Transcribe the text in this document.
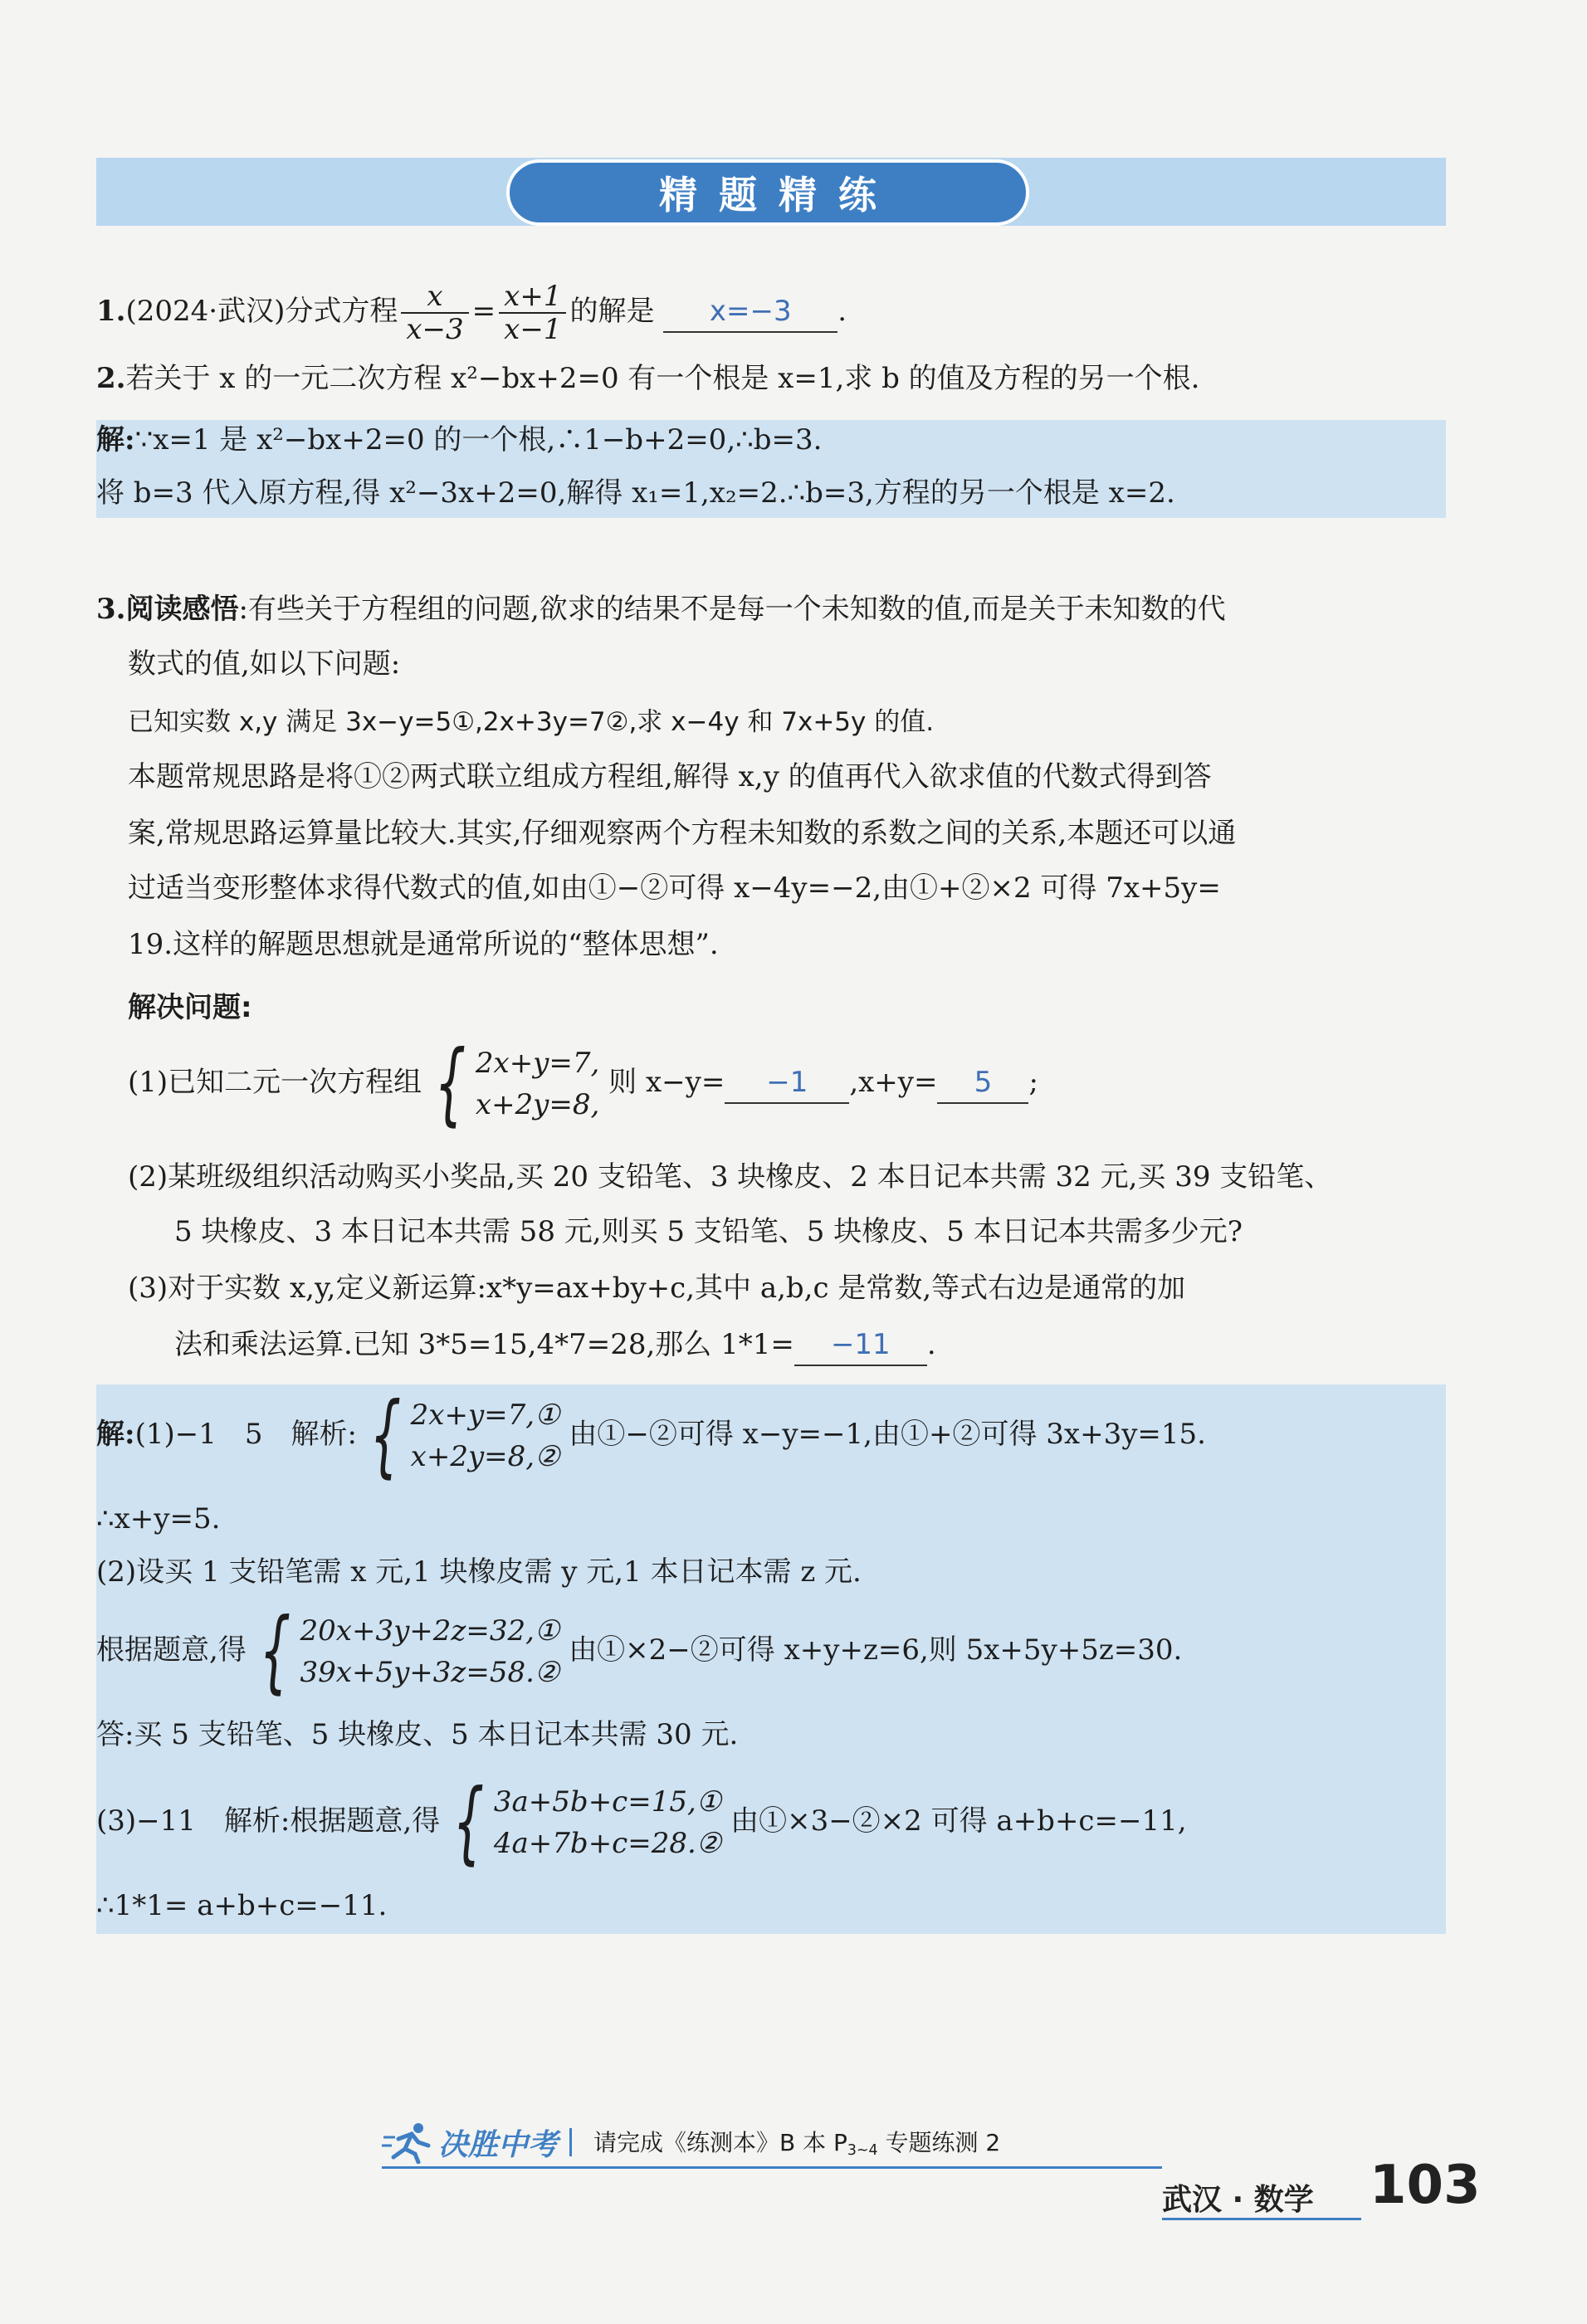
精题精练
1.(2024·武汉)分式方程 $\frac{x}{x-3} = \frac{x+1}{x-1}$ 的解是 x=−3 .
2.若关于 x 的一元二次方程 x²−bx+2=0 有一个根是 x=1,求 b 的值及方程的另一个根.
解:∵x=1 是 x²−bx+2=0 的一个根,∴1−b+2=0,∴b=3.
将 b=3 代入原方程,得 x²−3x+2=0,解得 x₁=1,x₂=2.∴b=3,方程的另一个根是 x=2.
3.阅读感悟:有些关于方程组的问题,欲求的结果不是每一个未知数的值,而是关于未知数的代
数式的值,如以下问题:
已知实数 x,y 满足 3x−y=5①,2x+3y=7②,求 x−4y 和 7x+5y 的值.
本题常规思路是将①②两式联立组成方程组,解得 x,y 的值再代入欲求值的代数式得到答
案,常规思路运算量比较大.其实,仔细观察两个方程未知数的系数之间的关系,本题还可以通
过适当变形整体求得代数式的值,如由①−②可得 x−4y=−2,由①+②×2 可得 7x+5y=
19.这样的解题思想就是通常所说的“整体思想”.
解决问题:
(1)已知二元一次方程组 { 2x+y=7,
x+2y=8,
则 x−y= −1 ,x+y= 5 ;
(2)某班级组织活动购买小奖品,买 20 支铅笔、3 块橡皮、2 本日记本共需 32 元,买 39 支铅笔、
5 块橡皮、3 本日记本共需 58 元,则买 5 支铅笔、5 块橡皮、5 本日记本共需多少元?
(3)对于实数 x,y,定义新运算:x*y=ax+by+c,其中 a,b,c 是常数,等式右边是通常的加
法和乘法运算.已知 3*5=15,4*7=28,那么 1*1= −11 .
解:(1)−1　5　解析: { 2x+y=7,①
x+2y=8,②
由①−②可得 x−y=−1,由①+②可得 3x+3y=15.
∴x+y=5.
(2)设买 1 支铅笔需 x 元,1 块橡皮需 y 元,1 本日记本需 z 元.
根据题意,得 { 20x+3y+2z=32,①
39x+5y+3z=58.②
由①×2−②可得 x+y+z=6,则 5x+5y+5z=30.
答:买 5 支铅笔、5 块橡皮、5 本日记本共需 30 元.
(3)−11　解析:根据题意,得 { 3a+5b+c=15,①
4a+7b+c=28.②
由①×3−②×2 可得 a+b+c=−11,
∴1*1= a+b+c=−11.
决胜中考 请完成《练测本》B 本 $P_{3\sim 4}$ 专题练测 2
武汉 · 数学 103
